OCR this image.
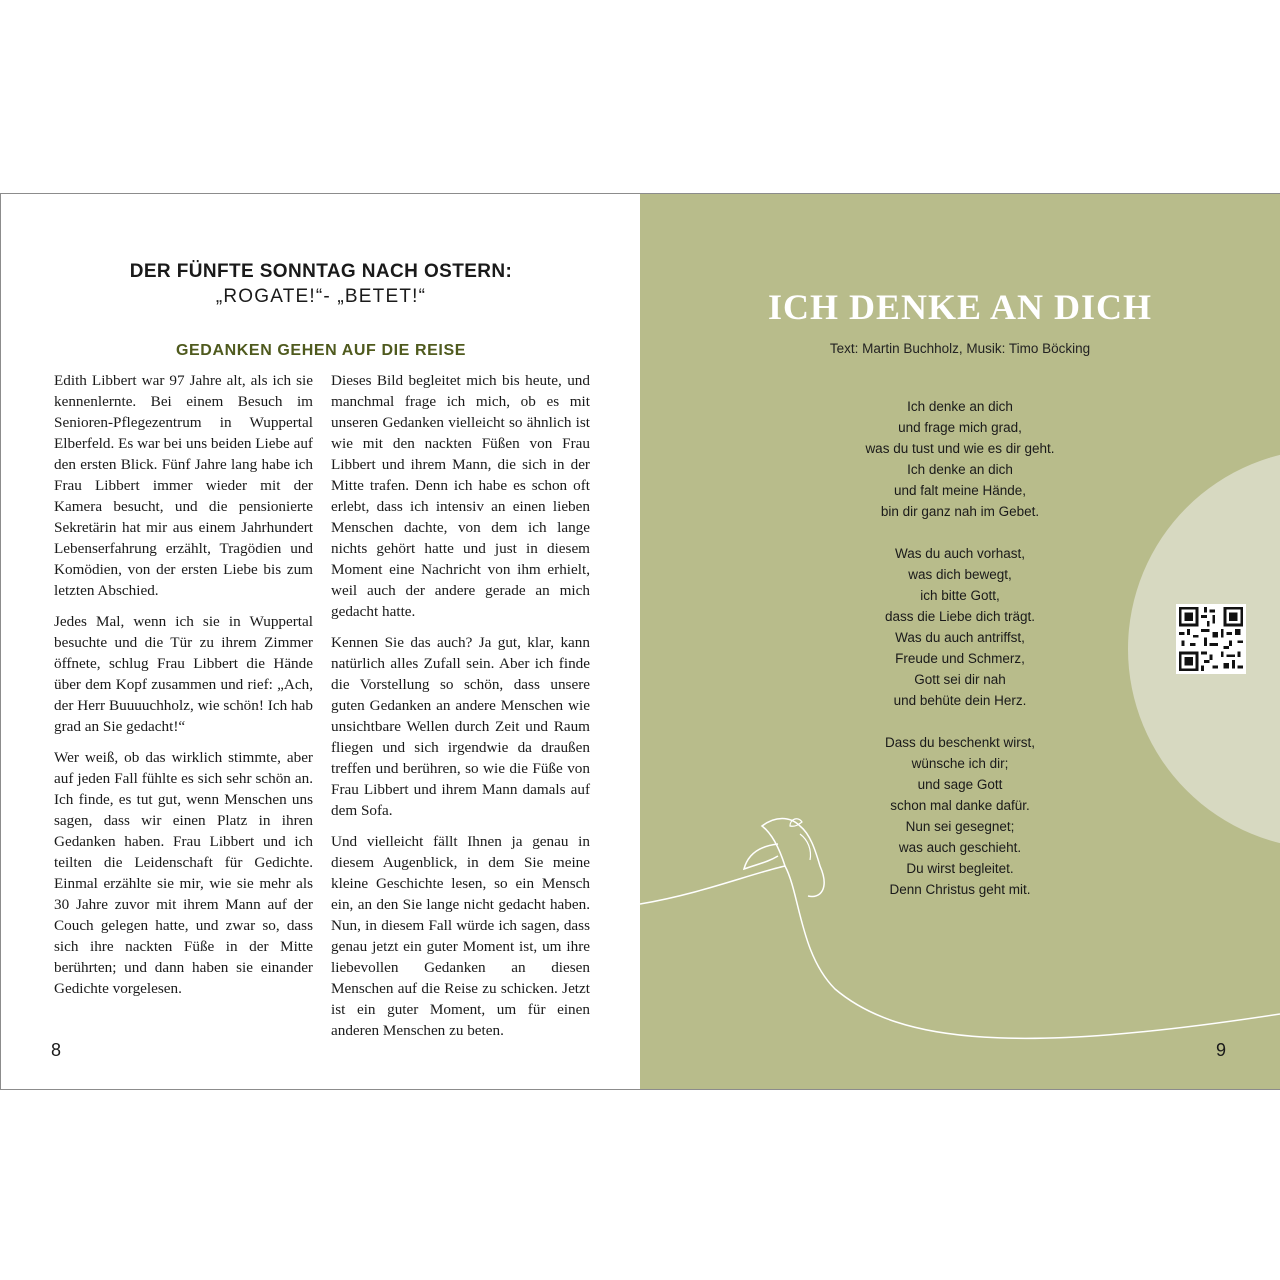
DER FÜNFTE SONNTAG NACH OSTERN:
„ROGATE!“- „BETET!“
GEDANKEN GEHEN AUF DIE REISE

Edith Libbert war 97 Jahre alt, als ich sie kennenlernte. Bei einem Besuch im Senioren-Pflegezentrum in Wuppertal Elberfeld. Es war bei uns beiden Liebe auf den ersten Blick. Fünf Jahre lang habe ich Frau Libbert immer wieder mit der Kamera besucht, und die pensionierte Sekretärin hat mir aus einem Jahrhundert Lebenserfahrung erzählt, Tragödien und Komödien, von der ersten Liebe bis zum letzten Abschied.

Jedes Mal, wenn ich sie in Wuppertal besuchte und die Tür zu ihrem Zimmer öffnete, schlug Frau Libbert die Hände über dem Kopf zusammen und rief: „Ach, der Herr Buuuuchholz, wie schön! Ich hab grad an Sie gedacht!“

Wer weiß, ob das wirklich stimmte, aber auf jeden Fall fühlte es sich sehr schön an. Ich finde, es tut gut, wenn Menschen uns sagen, dass wir einen Platz in ihren Gedanken haben. Frau Libbert und ich teilten die Leidenschaft für Gedichte. Einmal erzählte sie mir, wie sie mehr als 30 Jahre zuvor mit ihrem Mann auf der Couch gelegen hatte, und zwar so, dass sich ihre nackten Füße in der Mitte berührten; und dann haben sie einander Gedichte vorgelesen.

Dieses Bild begleitet mich bis heute, und manchmal frage ich mich, ob es mit unseren Gedanken vielleicht so ähnlich ist wie mit den nackten Füßen von Frau Libbert und ihrem Mann, die sich in der Mitte trafen. Denn ich habe es schon oft erlebt, dass ich intensiv an einen lieben Menschen dachte, von dem ich lange nichts gehört hatte und just in diesem Moment eine Nachricht von ihm erhielt, weil auch der andere gerade an mich gedacht hatte.

Kennen Sie das auch? Ja gut, klar, kann natürlich alles Zufall sein. Aber ich finde die Vorstellung so schön, dass unsere guten Gedanken an andere Menschen wie unsichtbare Wellen durch Zeit und Raum fliegen und sich irgendwie da draußen treffen und berühren, so wie die Füße von Frau Libbert und ihrem Mann damals auf dem Sofa.

Und vielleicht fällt Ihnen ja genau in diesem Augenblick, in dem Sie meine kleine Geschichte lesen, so ein Mensch ein, an den Sie lange nicht gedacht haben. Nun, in diesem Fall würde ich sagen, dass genau jetzt ein guter Moment ist, um ihre liebevollen Gedanken an diesen Menschen auf die Reise zu schicken. Jetzt ist ein guter Moment, um für einen anderen Menschen zu beten.

8
ICH DENKE AN DICH
Text: Martin Buchholz, Musik: Timo Böcking
Ich denke an dich
und frage mich grad,
was du tust und wie es dir geht.
Ich denke an dich
und falt meine Hände,
bin dir ganz nah im Gebet.
Was du auch vorhast,
was dich bewegt,
ich bitte Gott,
dass die Liebe dich trägt.
Was du auch antriffst,
Freude und Schmerz,
Gott sei dir nah
und behüte dein Herz.
Dass du beschenkt wirst,
wünsche ich dir;
und sage Gott
schon mal danke dafür.
Nun sei gesegnet;
was auch geschieht.
Du wirst begleitet.
Denn Christus geht mit.
9
